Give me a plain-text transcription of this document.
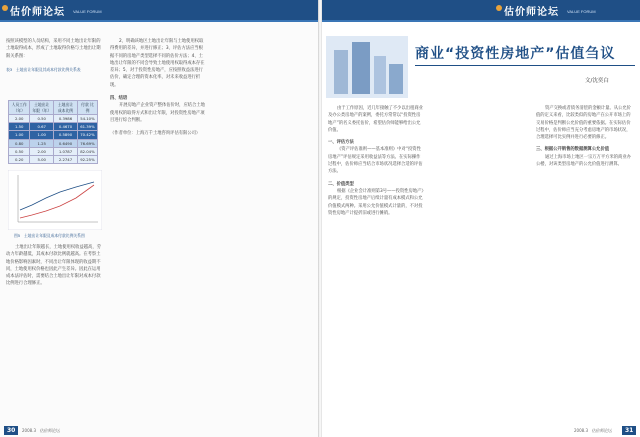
估价师论坛 VALUE FORUM

按照该模型的人员结构，采用不同土地出让年限的土地取得成本，形成了土地取得价格与土地出让期限关系图：

表3　土地出让年限及其成本付款比例关系表

人员工作 （年）	土地出让 年限（年）	土地出让 成本比例	付款 比例
2.00	0.50	0.3986	54.10%
1.50	0.67	0.4670	61.39%
1.00	1.00	0.5890	70.42%
0.80	1.25	0.6490	76.69%
0.50	2.00	1.0787	82.04%
0.20	5.00	2.2747	92.25%
图5　土地出让年限及成本付款比例关系图

土地出让年限越长，土地使用权收益越高，劳动力年龄越低，其成本付款比例就越高。在考察土地价格影响因素时，不同出让年限体现的收益期不同，土地使用权价格也因此产生差异。因此在运用成本法评估时，需要结合土地出让年限对成本付款比例进行合理修正。

2、明确该地区土地出让年限与土地使用权取得费用的差异，并进行修正；3、评估方法应当根据不同的房地产类型选择不同的估价方法；4、土地出让年限的不同会导致土地使用权取得成本存在差异；5、对于投资性房地产，应按照收益法进行估价，确定合理的资本化率，对未来收益进行折现。

四、结语

开展房地产企业资产整体估价时，应结合土地使用权的取得方式和出让年限，对投资性房地产项目进行综合判断。

（作者单位：上海万千土地咨询评估有限公司）

30	2008.3　估价师论坛
估价师论坛 VALUE FORUM
商业“投资性房地产”估值刍议
文/沈奕白

由于工作原因，近几年接触了不少以出租商业及办公类房地产的案例，委托方常常以“投资性房地产”的名义委托估价，希望估价师能够给出公允价值。

一、评估方法

《资产评估准则——基本准则》中对“投资性房地产”评估规定采用收益法等方法。在实际操作过程中，估价师应当结合市场状况选择合适的评估方法。

二、价值类型

根据《企业会计准则第3号——投资性房地产》的规定，投资性房地产后续计量有成本模式和公允价值模式两种。采用公允价值模式计量的，不对投资性房地产计提折旧或进行摊销。

资产交换或者债务清偿的金额计量。从公允价值的定义来看，比较类似的房地产在公开市场上的交易价格是判断公允价值的重要依据。在实际估价过程中，估价师应当充分考虑房地产的市场状况，合理选择可比实例并进行必要的修正。

三、根据公开销售的数据测算公允价值

通过上海市场上地区一宗万万平方米的商业办公楼，对该类型房地产的公允价值进行测算。

2008.3　估价师论坛	31
